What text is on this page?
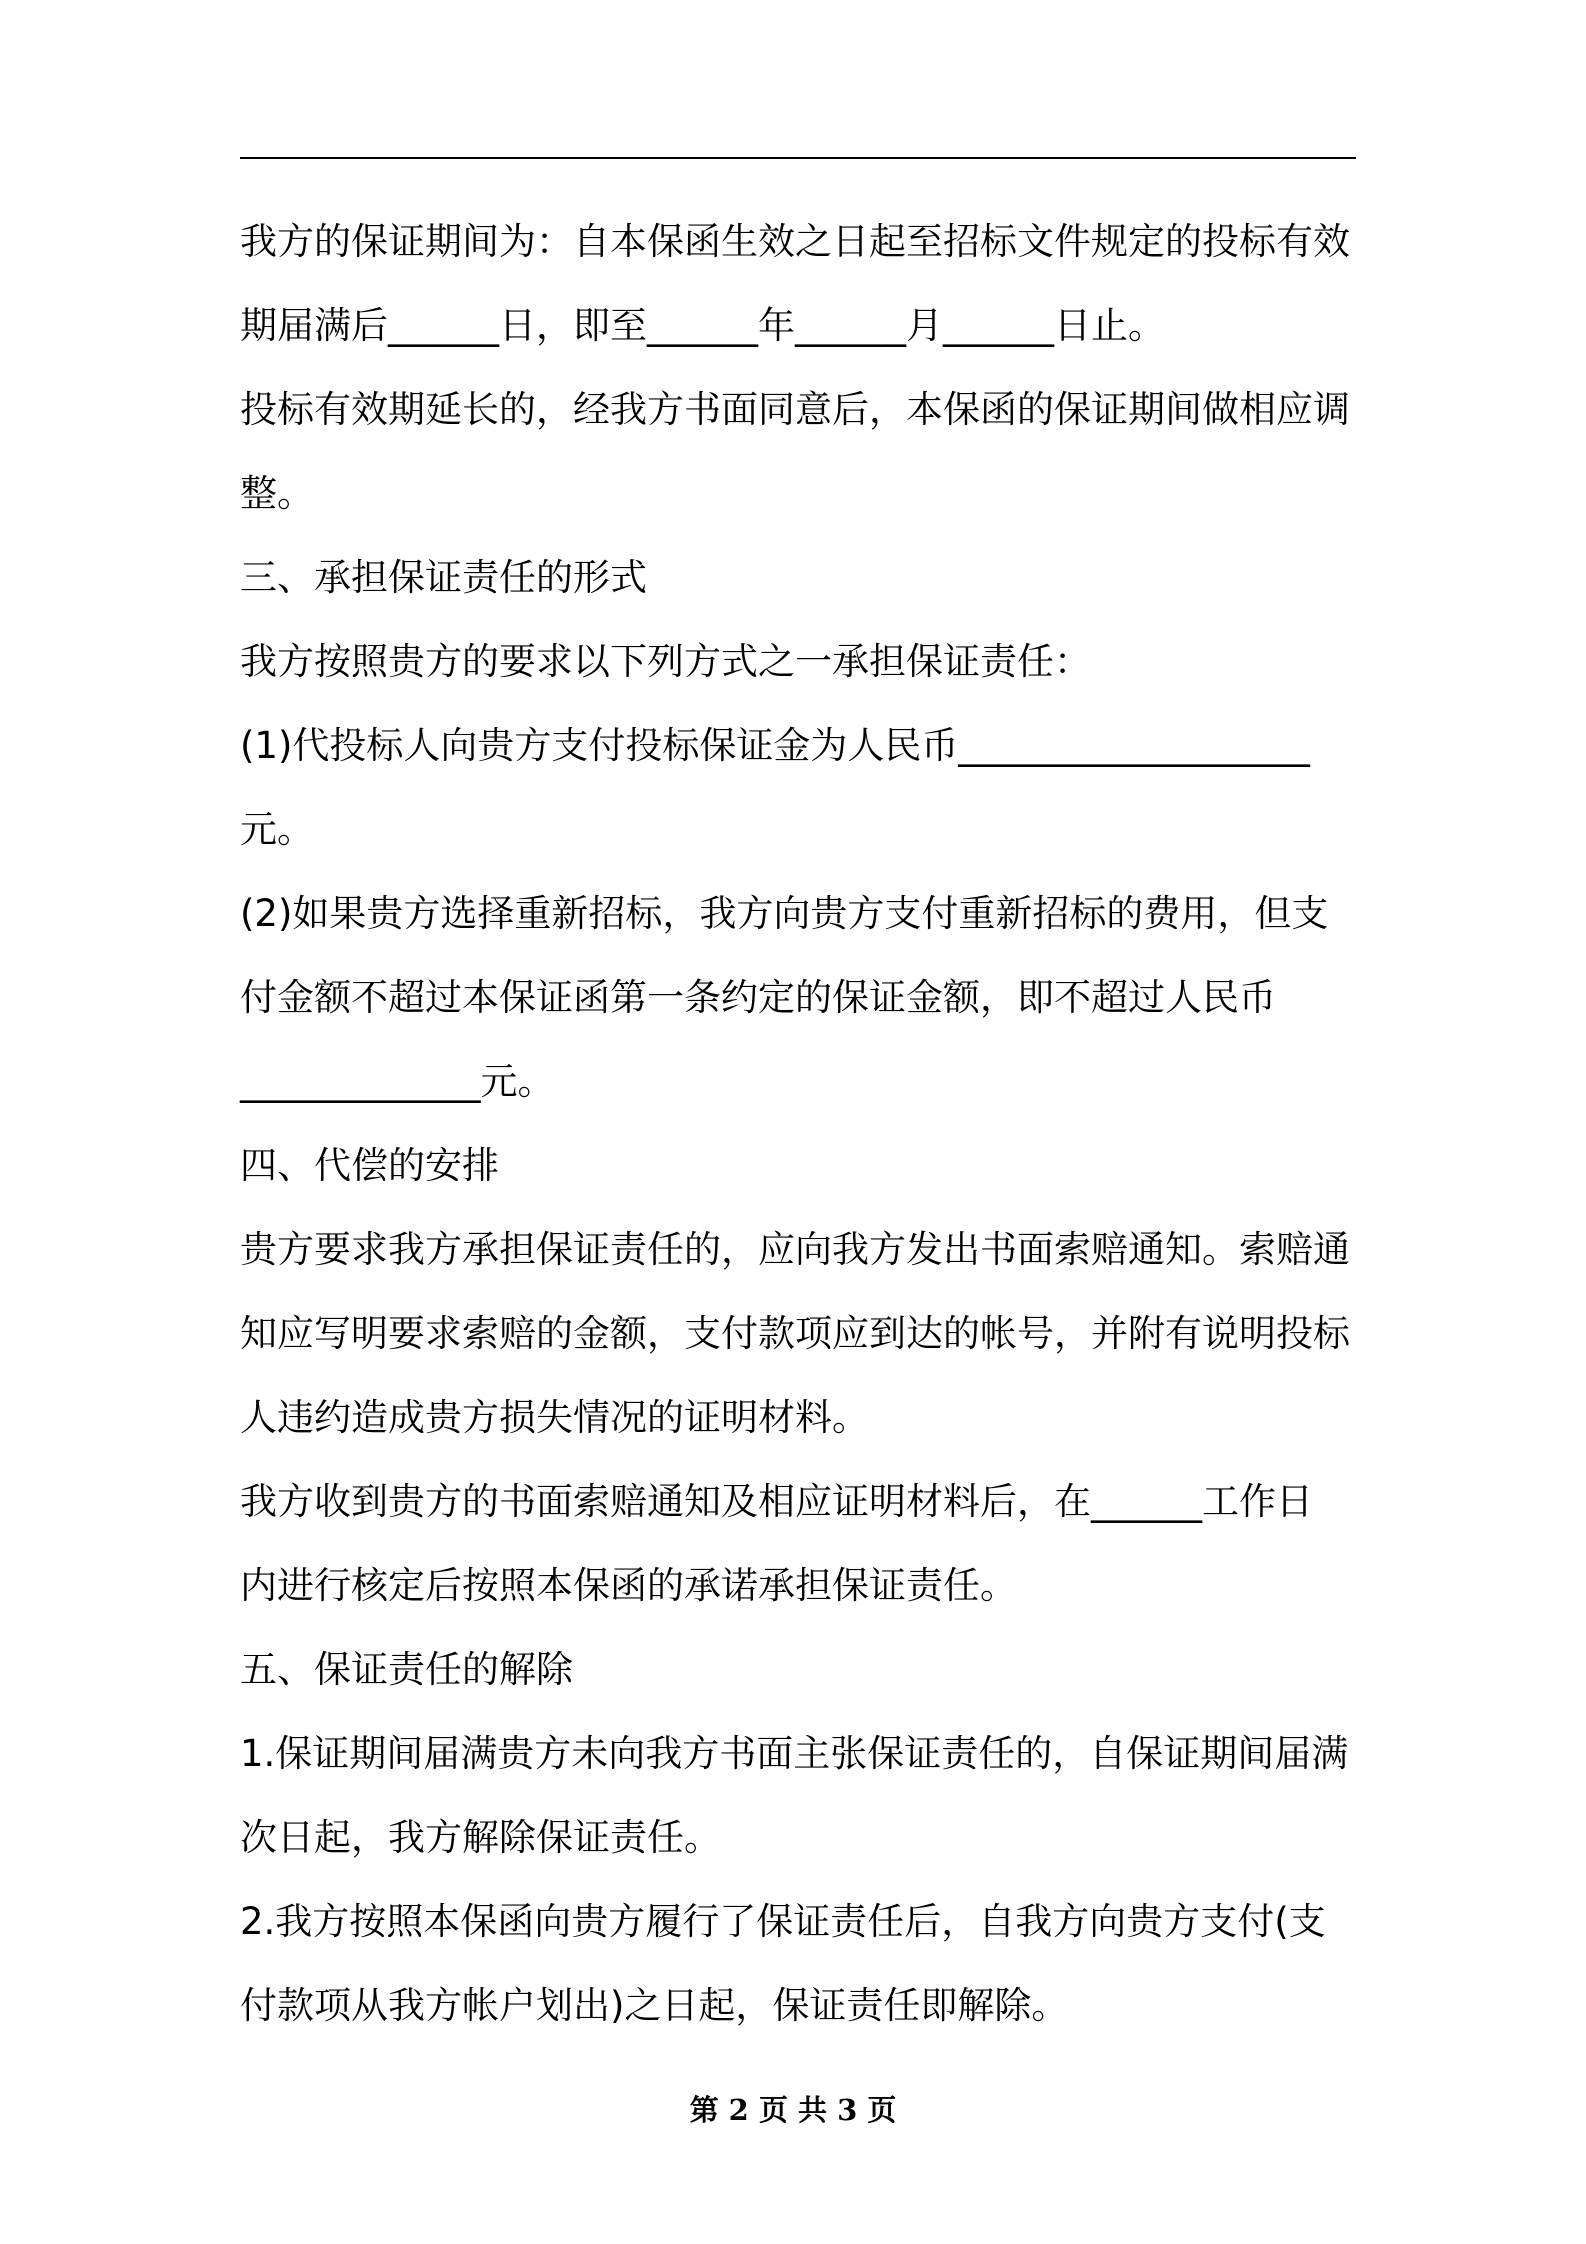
我方的保证期间为：自本保函生效之日起至招标文件规定的投标有效
期届满后______日，即至______年______月______日止。
投标有效期延长的，经我方书面同意后，本保函的保证期间做相应调
整。
三、承担保证责任的形式
我方按照贵方的要求以下列方式之一承担保证责任：
(1)代投标人向贵方支付投标保证金为人民币___________________
元。
(2)如果贵方选择重新招标，我方向贵方支付重新招标的费用，但支
付金额不超过本保证函第一条约定的保证金额，即不超过人民币
_____________元。
四、代偿的安排
贵方要求我方承担保证责任的，应向我方发出书面索赔通知。索赔通
知应写明要求索赔的金额，支付款项应到达的帐号，并附有说明投标
人违约造成贵方损失情况的证明材料。
我方收到贵方的书面索赔通知及相应证明材料后，在______工作日
内进行核定后按照本保函的承诺承担保证责任。
五、保证责任的解除
1.保证期间届满贵方未向我方书面主张保证责任的，自保证期间届满
次日起，我方解除保证责任。
2.我方按照本保函向贵方履行了保证责任后，自我方向贵方支付(支
付款项从我方帐户划出)之日起，保证责任即解除。
第 2 页 共 3 页
